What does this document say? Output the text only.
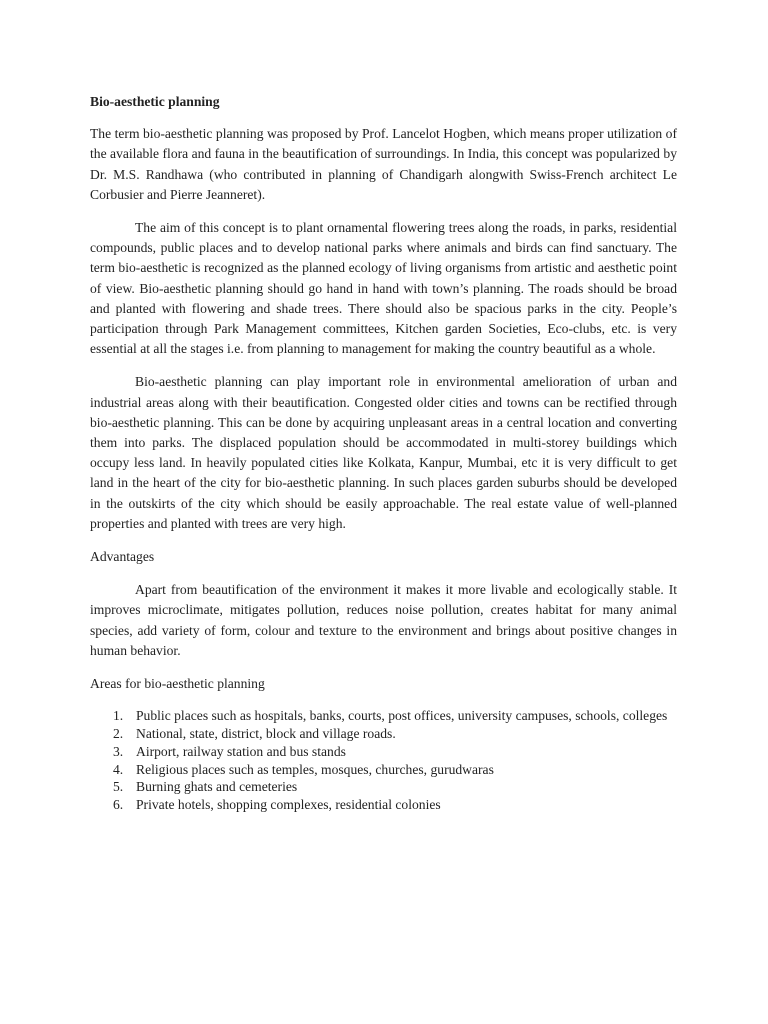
Bio-aesthetic planning

The term bio-aesthetic planning was proposed by Prof. Lancelot Hogben, which means proper utilization of the available flora and fauna in the beautification of surroundings. In India, this concept was popularized by Dr. M.S. Randhawa (who contributed in planning of Chandigarh alongwith Swiss-French architect Le Corbusier and Pierre Jeanneret).

The aim of this concept is to plant ornamental flowering trees along the roads, in parks, residential compounds, public places and to develop national parks where animals and birds can find sanctuary. The term bio-aesthetic is recognized as the planned ecology of living organisms from artistic and aesthetic point of view. Bio-aesthetic planning should go hand in hand with town’s planning. The roads should be broad and planted with flowering and shade trees. There should also be spacious parks in the city. People’s participation through Park Management committees, Kitchen garden Societies, Eco-clubs, etc. is very essential at all the stages i.e. from planning to management for making the country beautiful as a whole.

Bio-aesthetic planning can play important role in environmental amelioration of urban and industrial areas along with their beautification. Congested older cities and towns can be rectified through bio-aesthetic planning. This can be done by acquiring unpleasant areas in a central location and converting them into parks. The displaced population should be accommodated in multi-storey buildings which occupy less land. In heavily populated cities like Kolkata, Kanpur, Mumbai, etc it is very difficult to get land in the heart of the city for bio-aesthetic planning. In such places garden suburbs should be developed in the outskirts of the city which should be easily approachable. The real estate value of well-planned properties and planted with trees are very high.

Advantages

Apart from beautification of the environment it makes it more livable and ecologically stable. It improves microclimate, mitigates pollution, reduces noise pollution, creates habitat for many animal species, add variety of form, colour and texture to the environment and brings about positive changes in human behavior.

Areas for bio-aesthetic planning
1. Public places such as hospitals, banks, courts, post offices, university campuses, schools, colleges
2. National, state, district, block and village roads.
3. Airport, railway station and bus stands
4. Religious places such as temples, mosques, churches, gurudwaras
5. Burning ghats and cemeteries
6. Private hotels, shopping complexes, residential colonies
